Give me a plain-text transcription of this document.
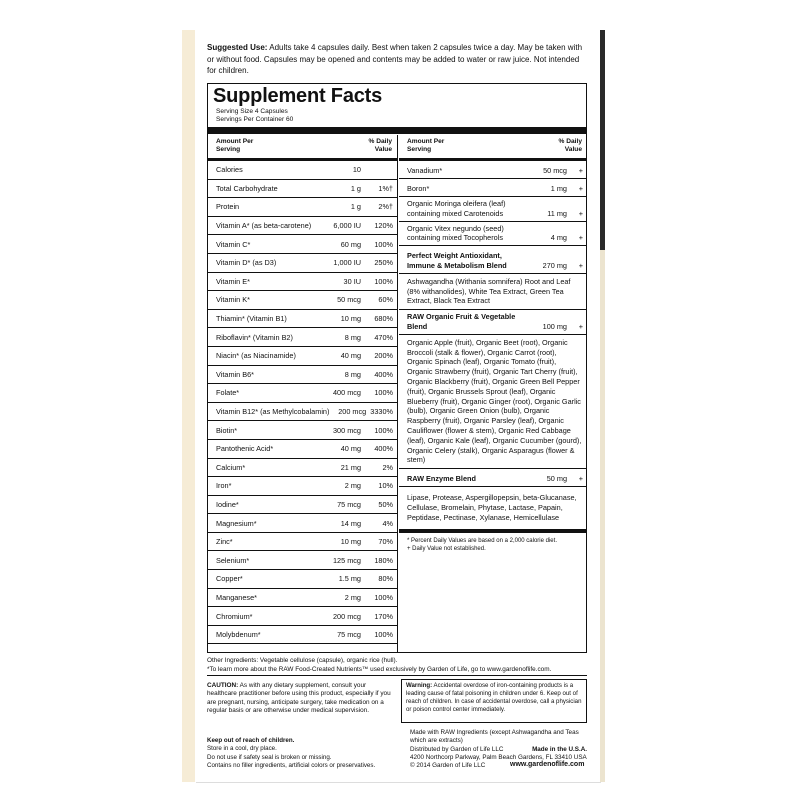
Suggested Use: Adults take 4 capsules daily. Best when taken 2 capsules twice a day. May be taken with or without food. Capsules may be opened and contents may be added to water or raw juice. Not intended for children.
Supplement Facts
Serving Size 4 Capsules
Servings Per Container 60
Amount Per Serving
% Daily Value
Calories	10
Total Carbohydrate	1 g	1%†
Protein	1 g	2%†
Vitamin A* (as beta-carotene)	6,000 IU	120%
Vitamin C*	60 mg	100%
Vitamin D* (as D3)	1,000 IU	250%
Vitamin E*	30 IU	100%
Vitamin K*	50 mcg	60%
Thiamin* (Vitamin B1)	10 mg	680%
Riboflavin* (Vitamin B2)	8 mg	470%
Niacin* (as Niacinamide)	40 mg	200%
Vitamin B6*	8 mg	400%
Folate*	400 mcg	100%
Vitamin B12* (as Methylcobalamin)	200 mcg 3330%
Biotin*	300 mcg	100%
Pantothenic Acid*	40 mg	400%
Calcium*	21 mg	2%
Iron*	2 mg	10%
Iodine*	75 mcg	50%
Magnesium*	14 mg	4%
Zinc*	10 mg	70%
Selenium*	125 mcg	180%
Copper*	1.5 mg	80%
Manganese*	2 mg	100%
Chromium*	200 mcg	170%
Molybdenum*	75 mcg	100%
Amount Per Serving
% Daily Value
Vanadium*	50 mcg	+
Boron*	1 mg	+
Organic Moringa oleifera (leaf) containing mixed Carotenoids	11 mg	+
Organic Vitex negundo (seed) containing mixed Tocopherols	4 mg	+
Perfect Weight Antioxidant, Immune & Metabolism Blend	270 mg	+
Ashwagandha (Withania somnifera) Root and Leaf (8% withanolides), White Tea Extract, Green Tea Extract, Black Tea Extract
RAW Organic Fruit & Vegetable Blend	100 mg	+
Organic Apple (fruit), Organic Beet (root), Organic Broccoli (stalk & flower), Organic Carrot (root), Organic Spinach (leaf), Organic Tomato (fruit), Organic Strawberry (fruit), Organic Tart Cherry (fruit), Organic Blackberry (fruit), Organic Green Bell Pepper (fruit), Organic Brussels Sprout (leaf), Organic Blueberry (fruit), Organic Ginger (root), Organic Garlic (bulb), Organic Green Onion (bulb), Organic Raspberry (fruit), Organic Parsley (leaf), Organic Cauliflower (flower & stem), Organic Red Cabbage (leaf), Organic Kale (leaf), Organic Cucumber (gourd), Organic Celery (stalk), Organic Asparagus (flower & stem)
RAW Enzyme Blend	50 mg	+
Lipase, Protease, Aspergillopepsin, beta-Glucanase, Cellulase, Bromelain, Phytase, Lactase, Papain, Peptidase, Pectinase, Xylanase, Hemicellulase
* Percent Daily Values are based on a 2,000 calorie diet.
+ Daily Value not established.
Other Ingredients: Vegetable cellulose (capsule), organic rice (hull).
*To learn more about the RAW Food-Created Nutrients™ used exclusively by Garden of Life, go to www.gardenoflife.com.
CAUTION: As with any dietary supplement, consult your healthcare practitioner before using this product, especially if you are pregnant, nursing, anticipate surgery, take medication on a regular basis or are otherwise under medical supervision.
Keep out of reach of children.
Store in a cool, dry place.
Do not use if safety seal is broken or missing.
Contains no filler ingredients, artificial colors or preservatives.
Warning: Accidental overdose of iron-containing products is a leading cause of fatal poisoning in children under 6. Keep out of reach of children. In case of accidental overdose, call a physician or poison control center immediately.
Made with RAW Ingredients (except Ashwagandha and Teas which are extracts)
Distributed by Garden of Life LLC	Made in the U.S.A.
4200 Northcorp Parkway, Palm Beach Gardens, FL 33410 USA
© 2014 Garden of Life LLC	www.gardenoflife.com
